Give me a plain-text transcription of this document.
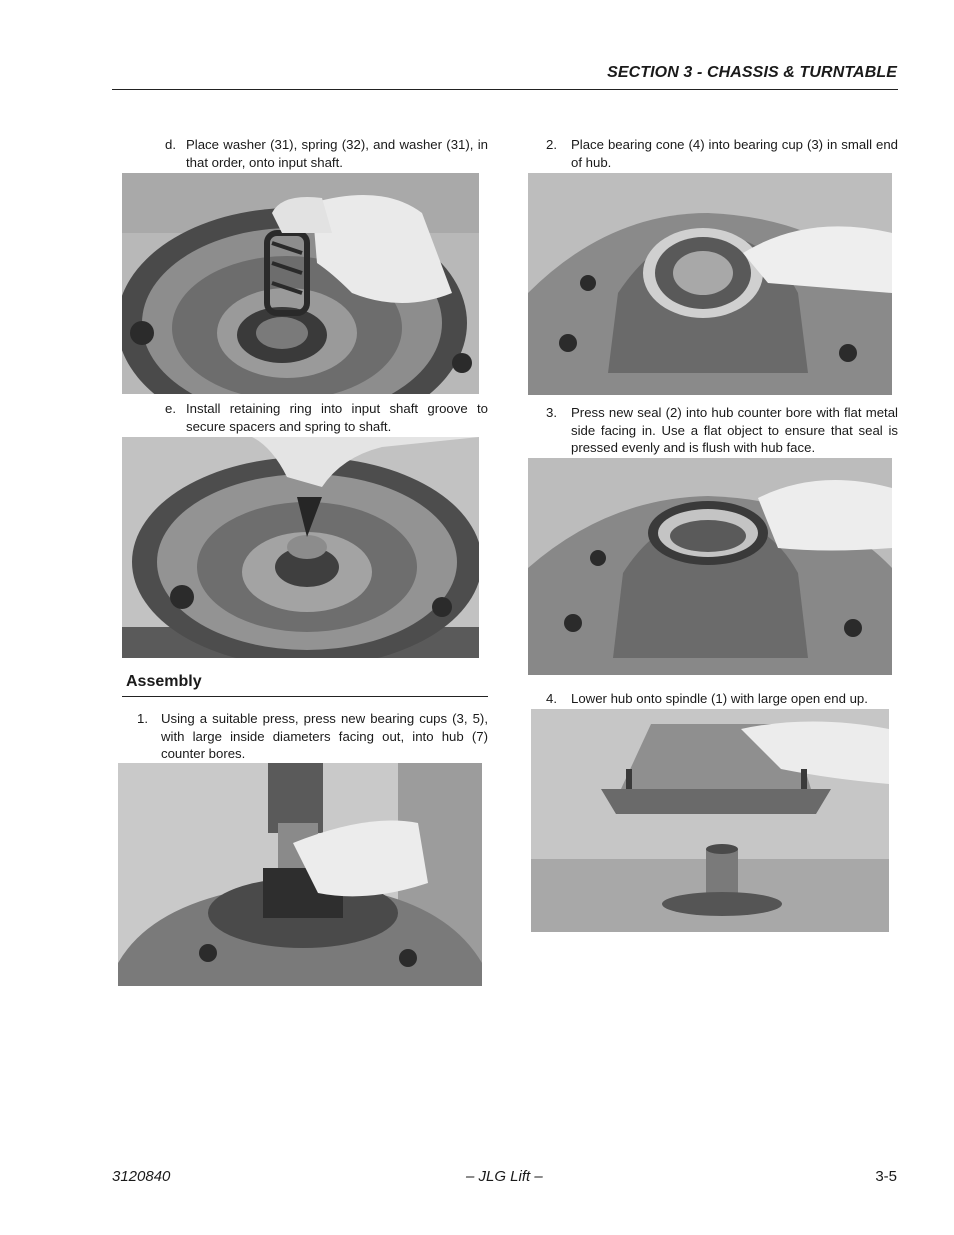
SECTION 3 - CHASSIS & TURNTABLE
d. Place washer (31), spring (32), and washer (31), in that order, onto input shaft.
e. Install retaining ring into input shaft groove to secure spacers and spring to shaft.
Assembly
1. Using a suitable press, press new bearing cups (3, 5), with large inside diameters facing out, into hub (7) counter bores.
2.	Place bearing cone (4) into bearing cup (3) in small end of hub.
3.	Press new seal (2) into hub counter bore with flat metal side facing in. Use a flat object to ensure that seal is pressed evenly and is flush with hub face.
4.	Lower hub onto spindle (1) with large open end up.
3120840	– JLG Lift –	3-5
